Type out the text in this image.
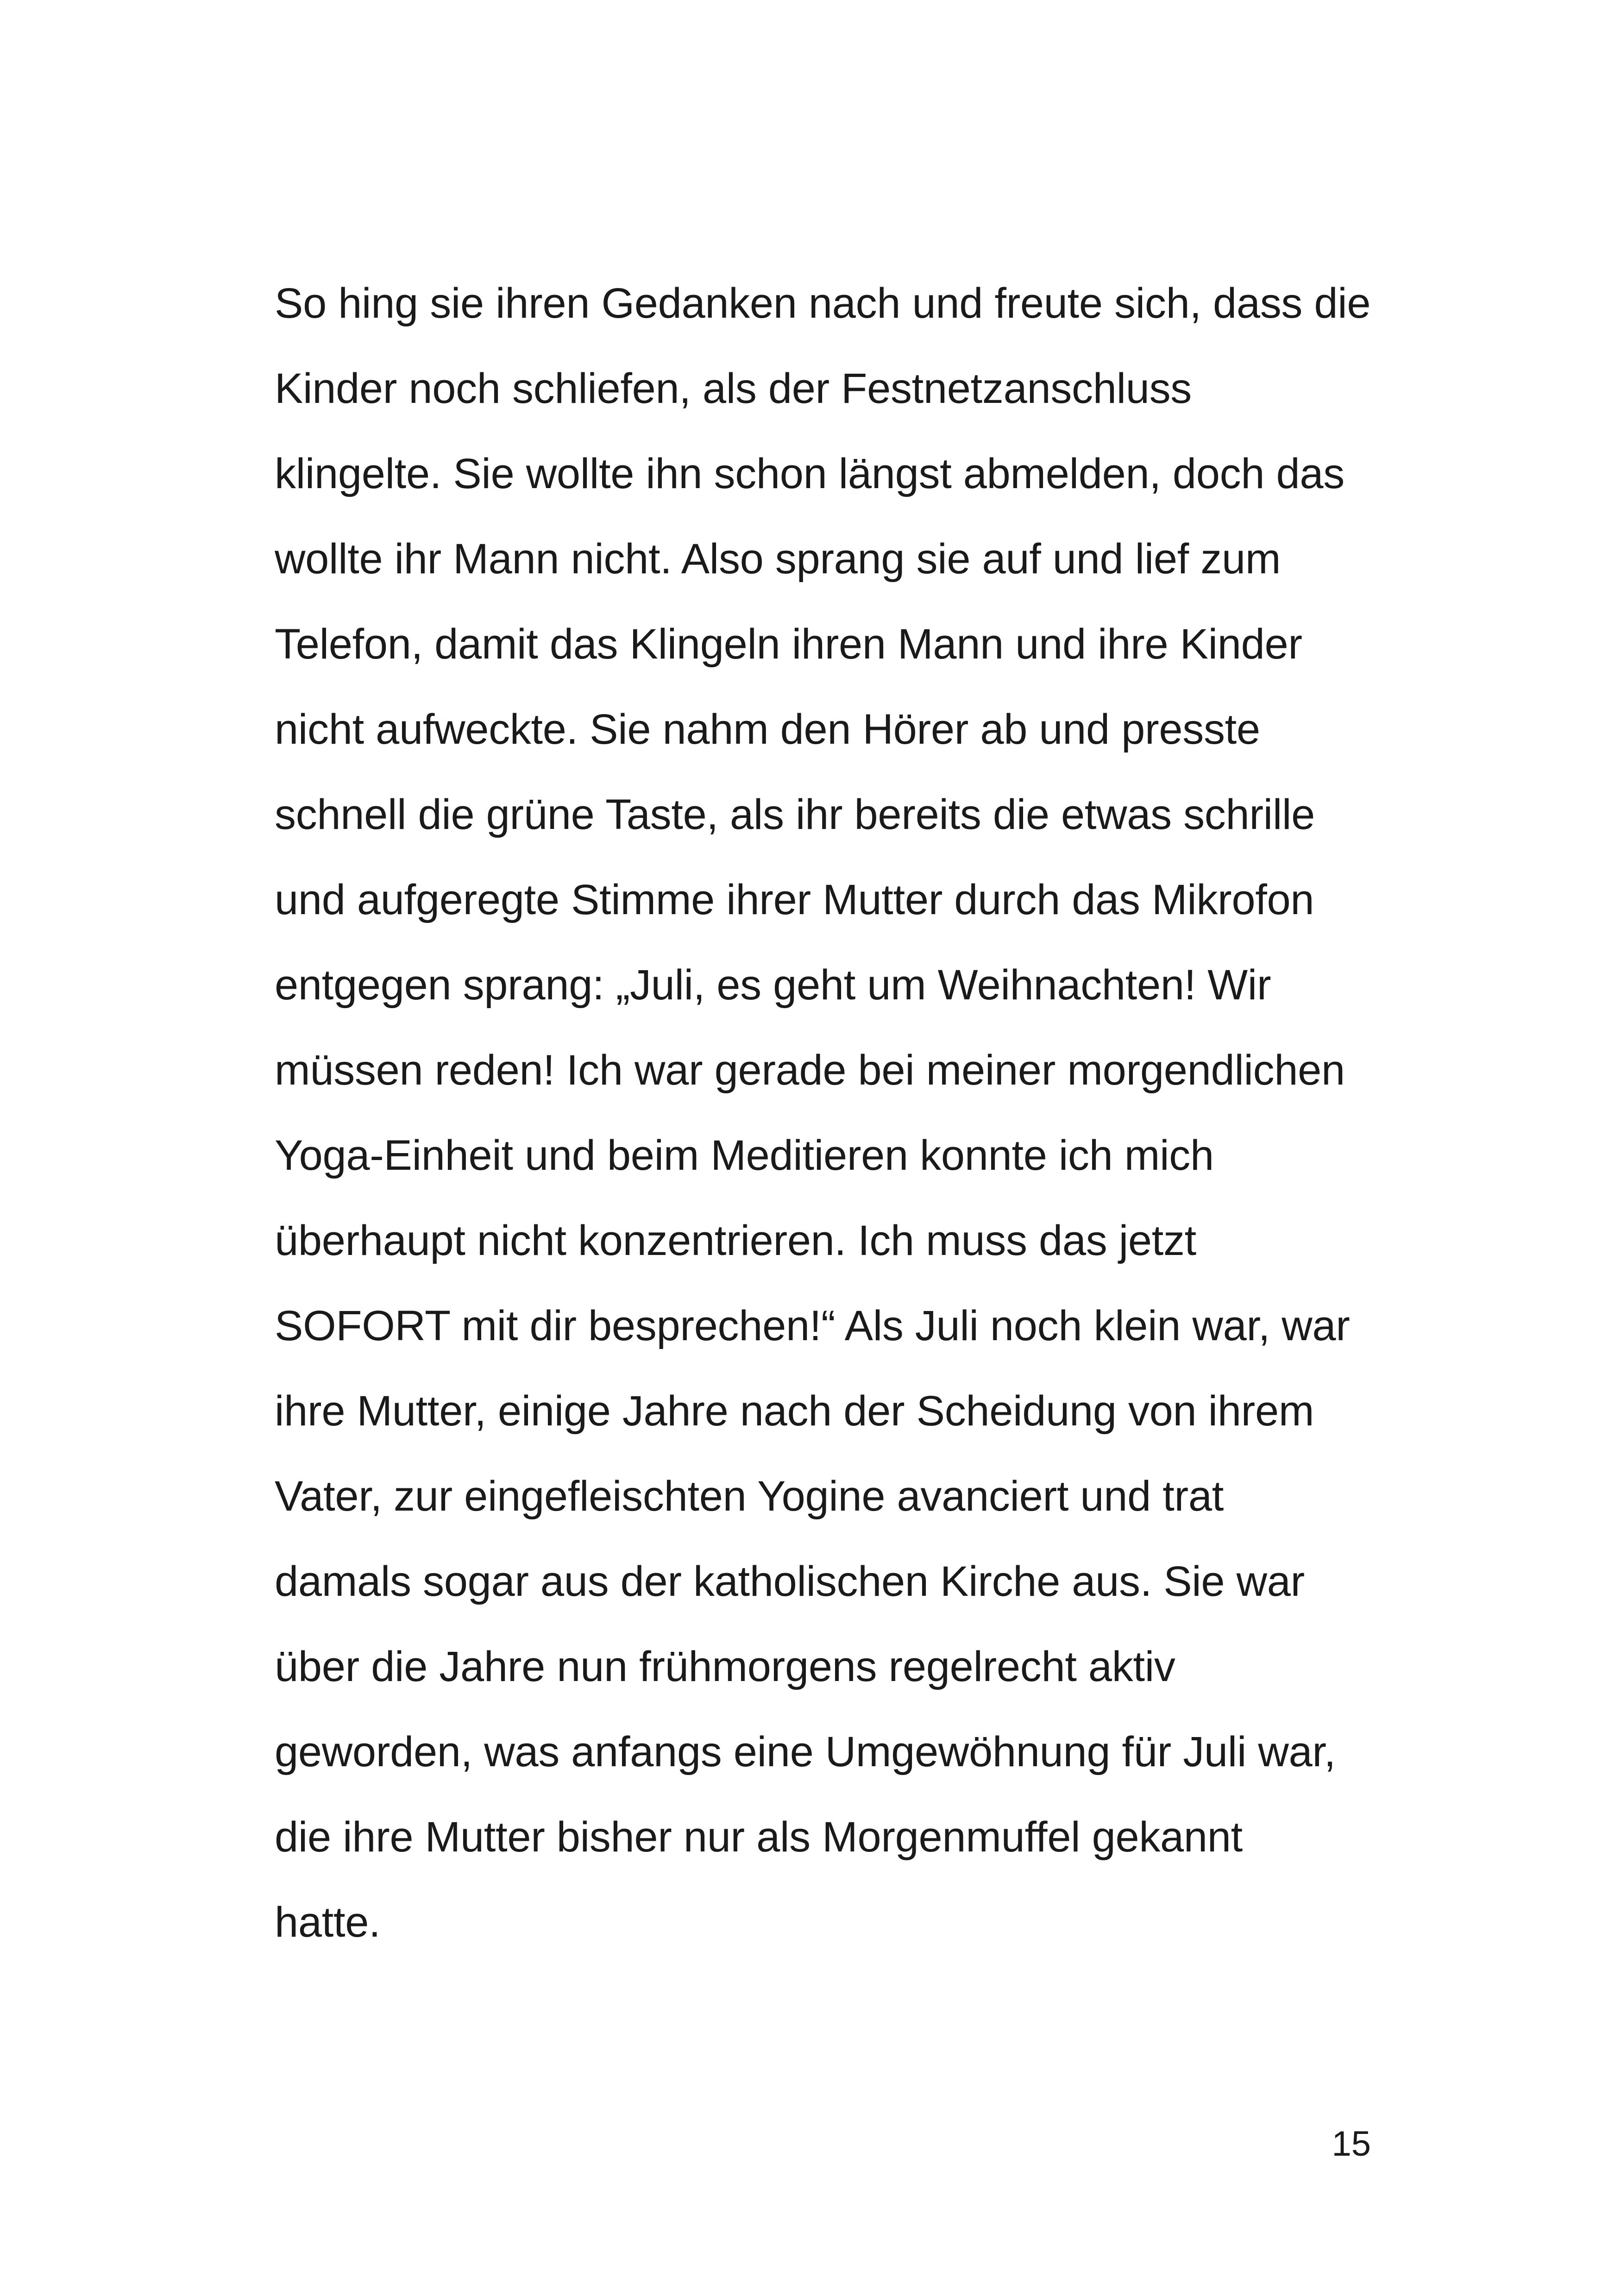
So hing sie ihren Gedanken nach und freute sich, dass die
Kinder noch schliefen, als der Festnetzanschluss
klingelte. Sie wollte ihn schon längst abmelden, doch das
wollte ihr Mann nicht. Also sprang sie auf und lief zum
Telefon, damit das Klingeln ihren Mann und ihre Kinder
nicht aufweckte. Sie nahm den Hörer ab und presste
schnell die grüne Taste, als ihr bereits die etwas schrille
und aufgeregte Stimme ihrer Mutter durch das Mikrofon
entgegen sprang: „Juli, es geht um Weihnachten! Wir
müssen reden! Ich war gerade bei meiner morgendlichen
Yoga-Einheit und beim Meditieren konnte ich mich
überhaupt nicht konzentrieren. Ich muss das jetzt
SOFORT mit dir besprechen!“ Als Juli noch klein war, war
ihre Mutter, einige Jahre nach der Scheidung von ihrem
Vater, zur eingefleischten Yogine avanciert und trat
damals sogar aus der katholischen Kirche aus. Sie war
über die Jahre nun frühmorgens regelrecht aktiv
geworden, was anfangs eine Umgewöhnung für Juli war,
die ihre Mutter bisher nur als Morgenmuffel gekannt
hatte.
15
